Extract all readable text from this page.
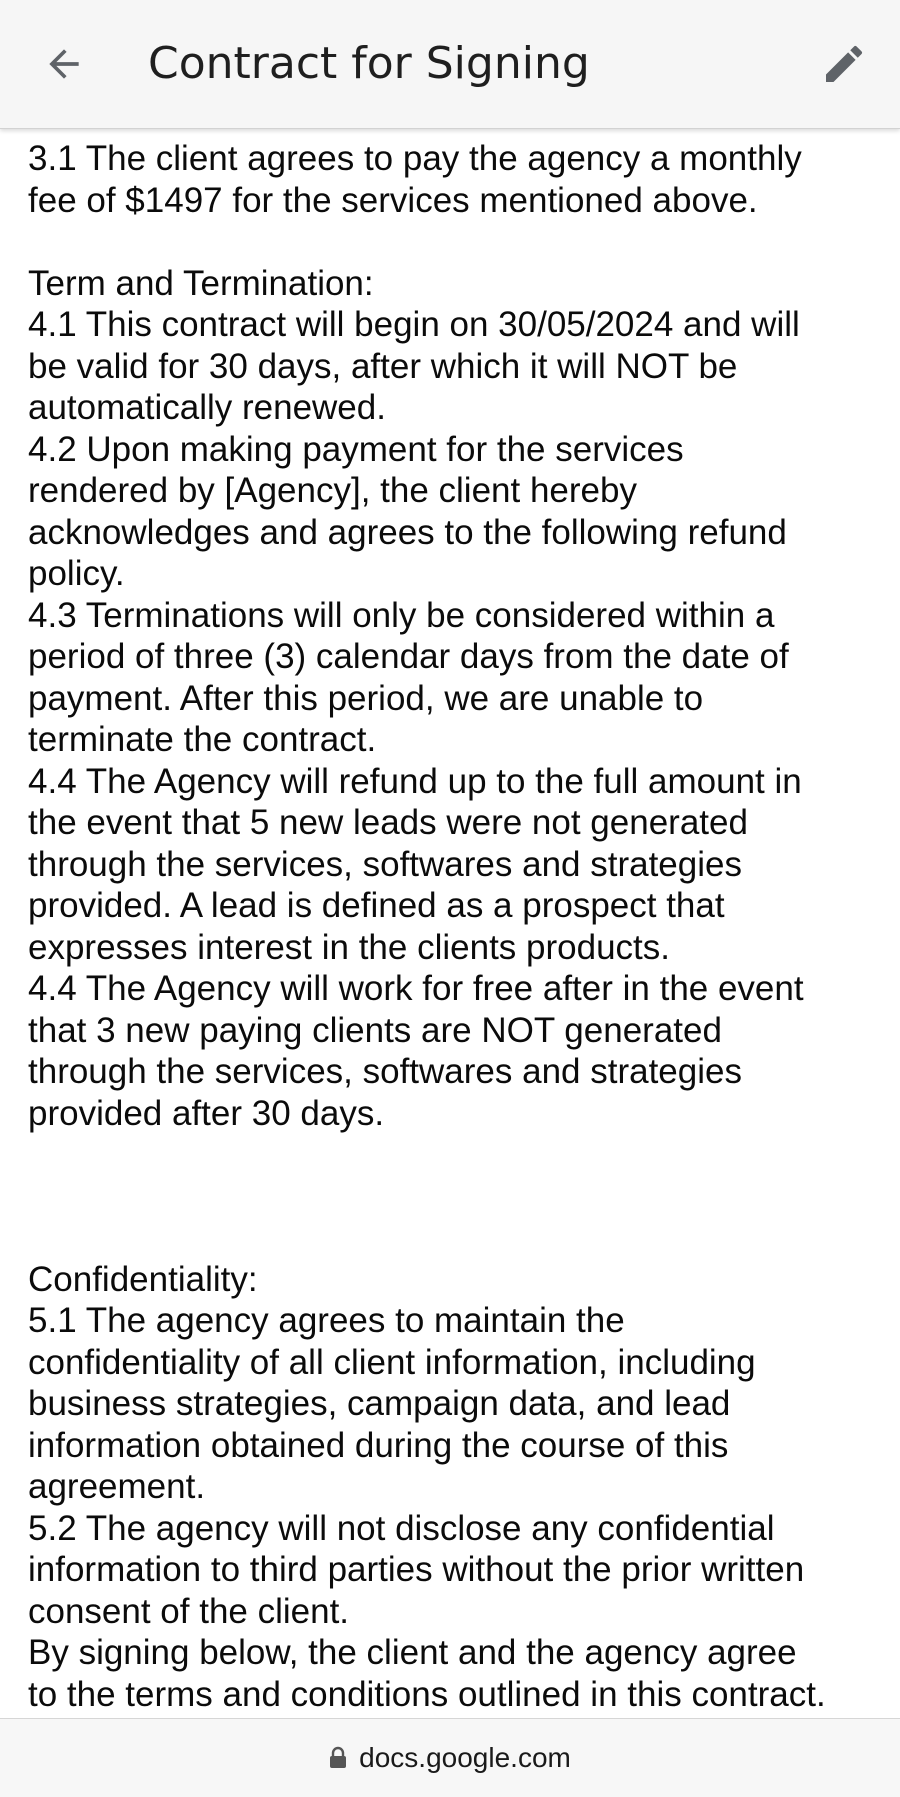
3.1 The client agrees to pay the agency a monthly

fee of $1497 for the services mentioned above.

Term and Termination:

4.1 This contract will begin on 30/05/2024 and will

be valid for 30 days, after which it will NOT be

automatically renewed.

4.2 Upon making payment for the services

rendered by [Agency], the client hereby

acknowledges and agrees to the following refund

policy.

4.3 Terminations will only be considered within a

period of three (3) calendar days from the date of

payment. After this period, we are unable to

terminate the contract.

4.4 The Agency will refund up to the full amount in

the event that 5 new leads were not generated

through the services, softwares and strategies

provided. A lead is defined as a prospect that

expresses interest in the clients products.

4.4 The Agency will work for free after in the event

that 3 new paying clients are NOT generated

through the services, softwares and strategies

provided after 30 days.

Confidentiality:

5.1 The agency agrees to maintain the

confidentiality of all client information, including

business strategies, campaign data, and lead

information obtained during the course of this

agreement.

5.2 The agency will not disclose any confidential

information to third parties without the prior written

consent of the client.

By signing below, the client and the agency agree

to the terms and conditions outlined in this contract.

Contract for Signing
docs.google.com
